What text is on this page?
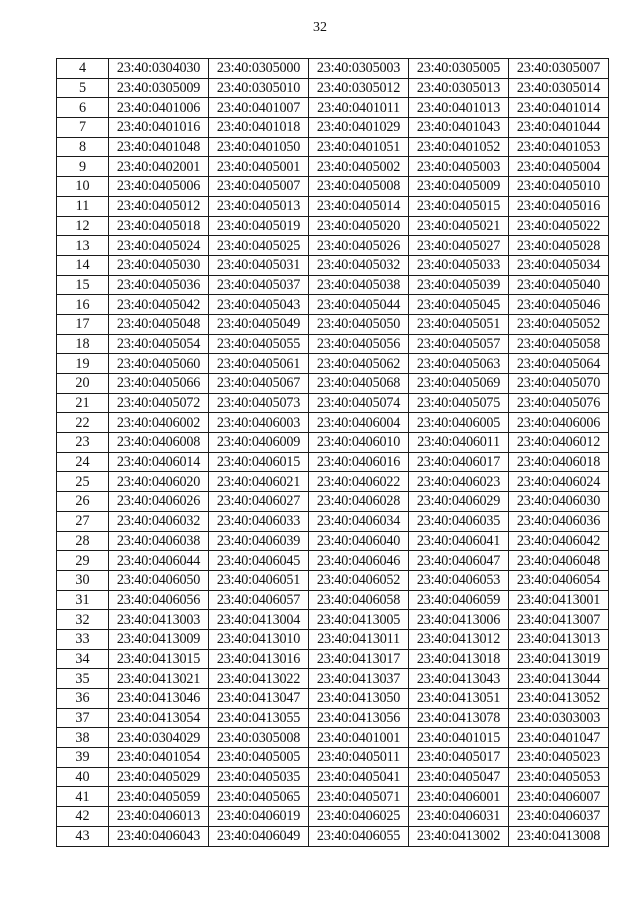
32
4	23:40:0304030	23:40:0305000	23:40:0305003	23:40:0305005	23:40:0305007
5	23:40:0305009	23:40:0305010	23:40:0305012	23:40:0305013	23:40:0305014
6	23:40:0401006	23:40:0401007	23:40:0401011	23:40:0401013	23:40:0401014
7	23:40:0401016	23:40:0401018	23:40:0401029	23:40:0401043	23:40:0401044
8	23:40:0401048	23:40:0401050	23:40:0401051	23:40:0401052	23:40:0401053
9	23:40:0402001	23:40:0405001	23:40:0405002	23:40:0405003	23:40:0405004
10	23:40:0405006	23:40:0405007	23:40:0405008	23:40:0405009	23:40:0405010
11	23:40:0405012	23:40:0405013	23:40:0405014	23:40:0405015	23:40:0405016
12	23:40:0405018	23:40:0405019	23:40:0405020	23:40:0405021	23:40:0405022
13	23:40:0405024	23:40:0405025	23:40:0405026	23:40:0405027	23:40:0405028
14	23:40:0405030	23:40:0405031	23:40:0405032	23:40:0405033	23:40:0405034
15	23:40:0405036	23:40:0405037	23:40:0405038	23:40:0405039	23:40:0405040
16	23:40:0405042	23:40:0405043	23:40:0405044	23:40:0405045	23:40:0405046
17	23:40:0405048	23:40:0405049	23:40:0405050	23:40:0405051	23:40:0405052
18	23:40:0405054	23:40:0405055	23:40:0405056	23:40:0405057	23:40:0405058
19	23:40:0405060	23:40:0405061	23:40:0405062	23:40:0405063	23:40:0405064
20	23:40:0405066	23:40:0405067	23:40:0405068	23:40:0405069	23:40:0405070
21	23:40:0405072	23:40:0405073	23:40:0405074	23:40:0405075	23:40:0405076
22	23:40:0406002	23:40:0406003	23:40:0406004	23:40:0406005	23:40:0406006
23	23:40:0406008	23:40:0406009	23:40:0406010	23:40:0406011	23:40:0406012
24	23:40:0406014	23:40:0406015	23:40:0406016	23:40:0406017	23:40:0406018
25	23:40:0406020	23:40:0406021	23:40:0406022	23:40:0406023	23:40:0406024
26	23:40:0406026	23:40:0406027	23:40:0406028	23:40:0406029	23:40:0406030
27	23:40:0406032	23:40:0406033	23:40:0406034	23:40:0406035	23:40:0406036
28	23:40:0406038	23:40:0406039	23:40:0406040	23:40:0406041	23:40:0406042
29	23:40:0406044	23:40:0406045	23:40:0406046	23:40:0406047	23:40:0406048
30	23:40:0406050	23:40:0406051	23:40:0406052	23:40:0406053	23:40:0406054
31	23:40:0406056	23:40:0406057	23:40:0406058	23:40:0406059	23:40:0413001
32	23:40:0413003	23:40:0413004	23:40:0413005	23:40:0413006	23:40:0413007
33	23:40:0413009	23:40:0413010	23:40:0413011	23:40:0413012	23:40:0413013
34	23:40:0413015	23:40:0413016	23:40:0413017	23:40:0413018	23:40:0413019
35	23:40:0413021	23:40:0413022	23:40:0413037	23:40:0413043	23:40:0413044
36	23:40:0413046	23:40:0413047	23:40:0413050	23:40:0413051	23:40:0413052
37	23:40:0413054	23:40:0413055	23:40:0413056	23:40:0413078	23:40:0303003
38	23:40:0304029	23:40:0305008	23:40:0401001	23:40:0401015	23:40:0401047
39	23:40:0401054	23:40:0405005	23:40:0405011	23:40:0405017	23:40:0405023
40	23:40:0405029	23:40:0405035	23:40:0405041	23:40:0405047	23:40:0405053
41	23:40:0405059	23:40:0405065	23:40:0405071	23:40:0406001	23:40:0406007
42	23:40:0406013	23:40:0406019	23:40:0406025	23:40:0406031	23:40:0406037
43	23:40:0406043	23:40:0406049	23:40:0406055	23:40:0413002	23:40:0413008
